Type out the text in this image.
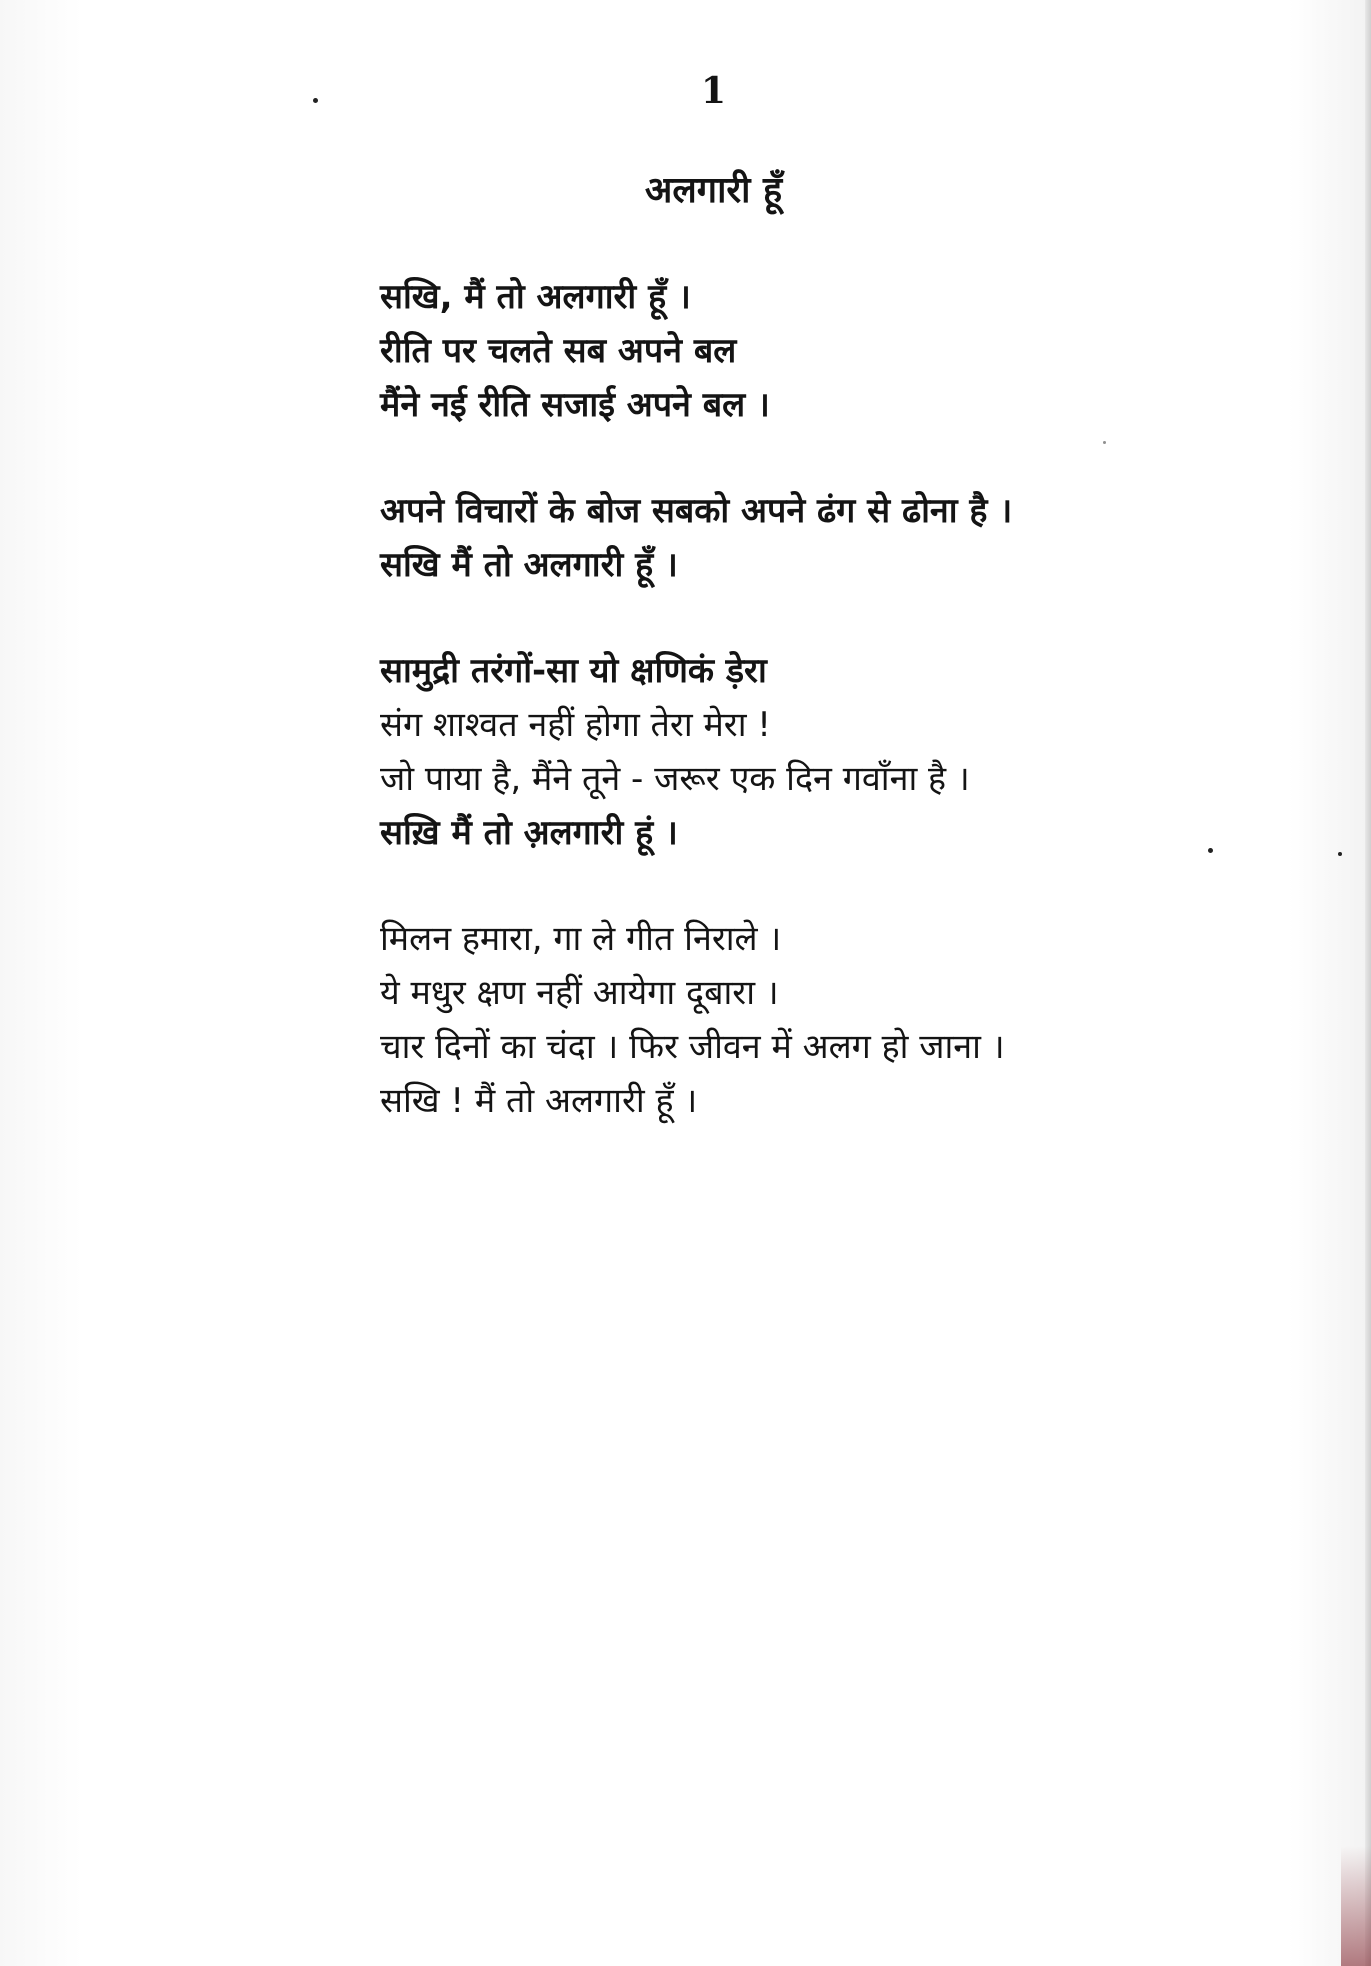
1
अलगारी हूँ
सखि, मैं तो अलगारी हूँ ।
रीति पर चलते सब अपने बल
मैंने नई रीति सजाई अपने बल ।
अपने विचारों के बोज सबको अपने ढंग से ढोना है ।
सखि मैं तो अलगारी हूँ ।
सामुद्री तरंगों-सा यो क्षणिकं ड़ेरा
संग शाश्वत नहीं होगा तेरा मेरा !
जो पाया है, मैंने तूने - जरूर एक दिन गवाँना है ।
सख़ि मैं तो अ़लगारी हूं ।
मिलन हमारा, गा ले गीत निराले ।
ये मधुर क्षण नहीं आयेगा दूबारा ।
चार दिनों का चंदा । फिर जीवन में अलग हो जाना ।
सखि ! मैं तो अलगारी हूँ ।
